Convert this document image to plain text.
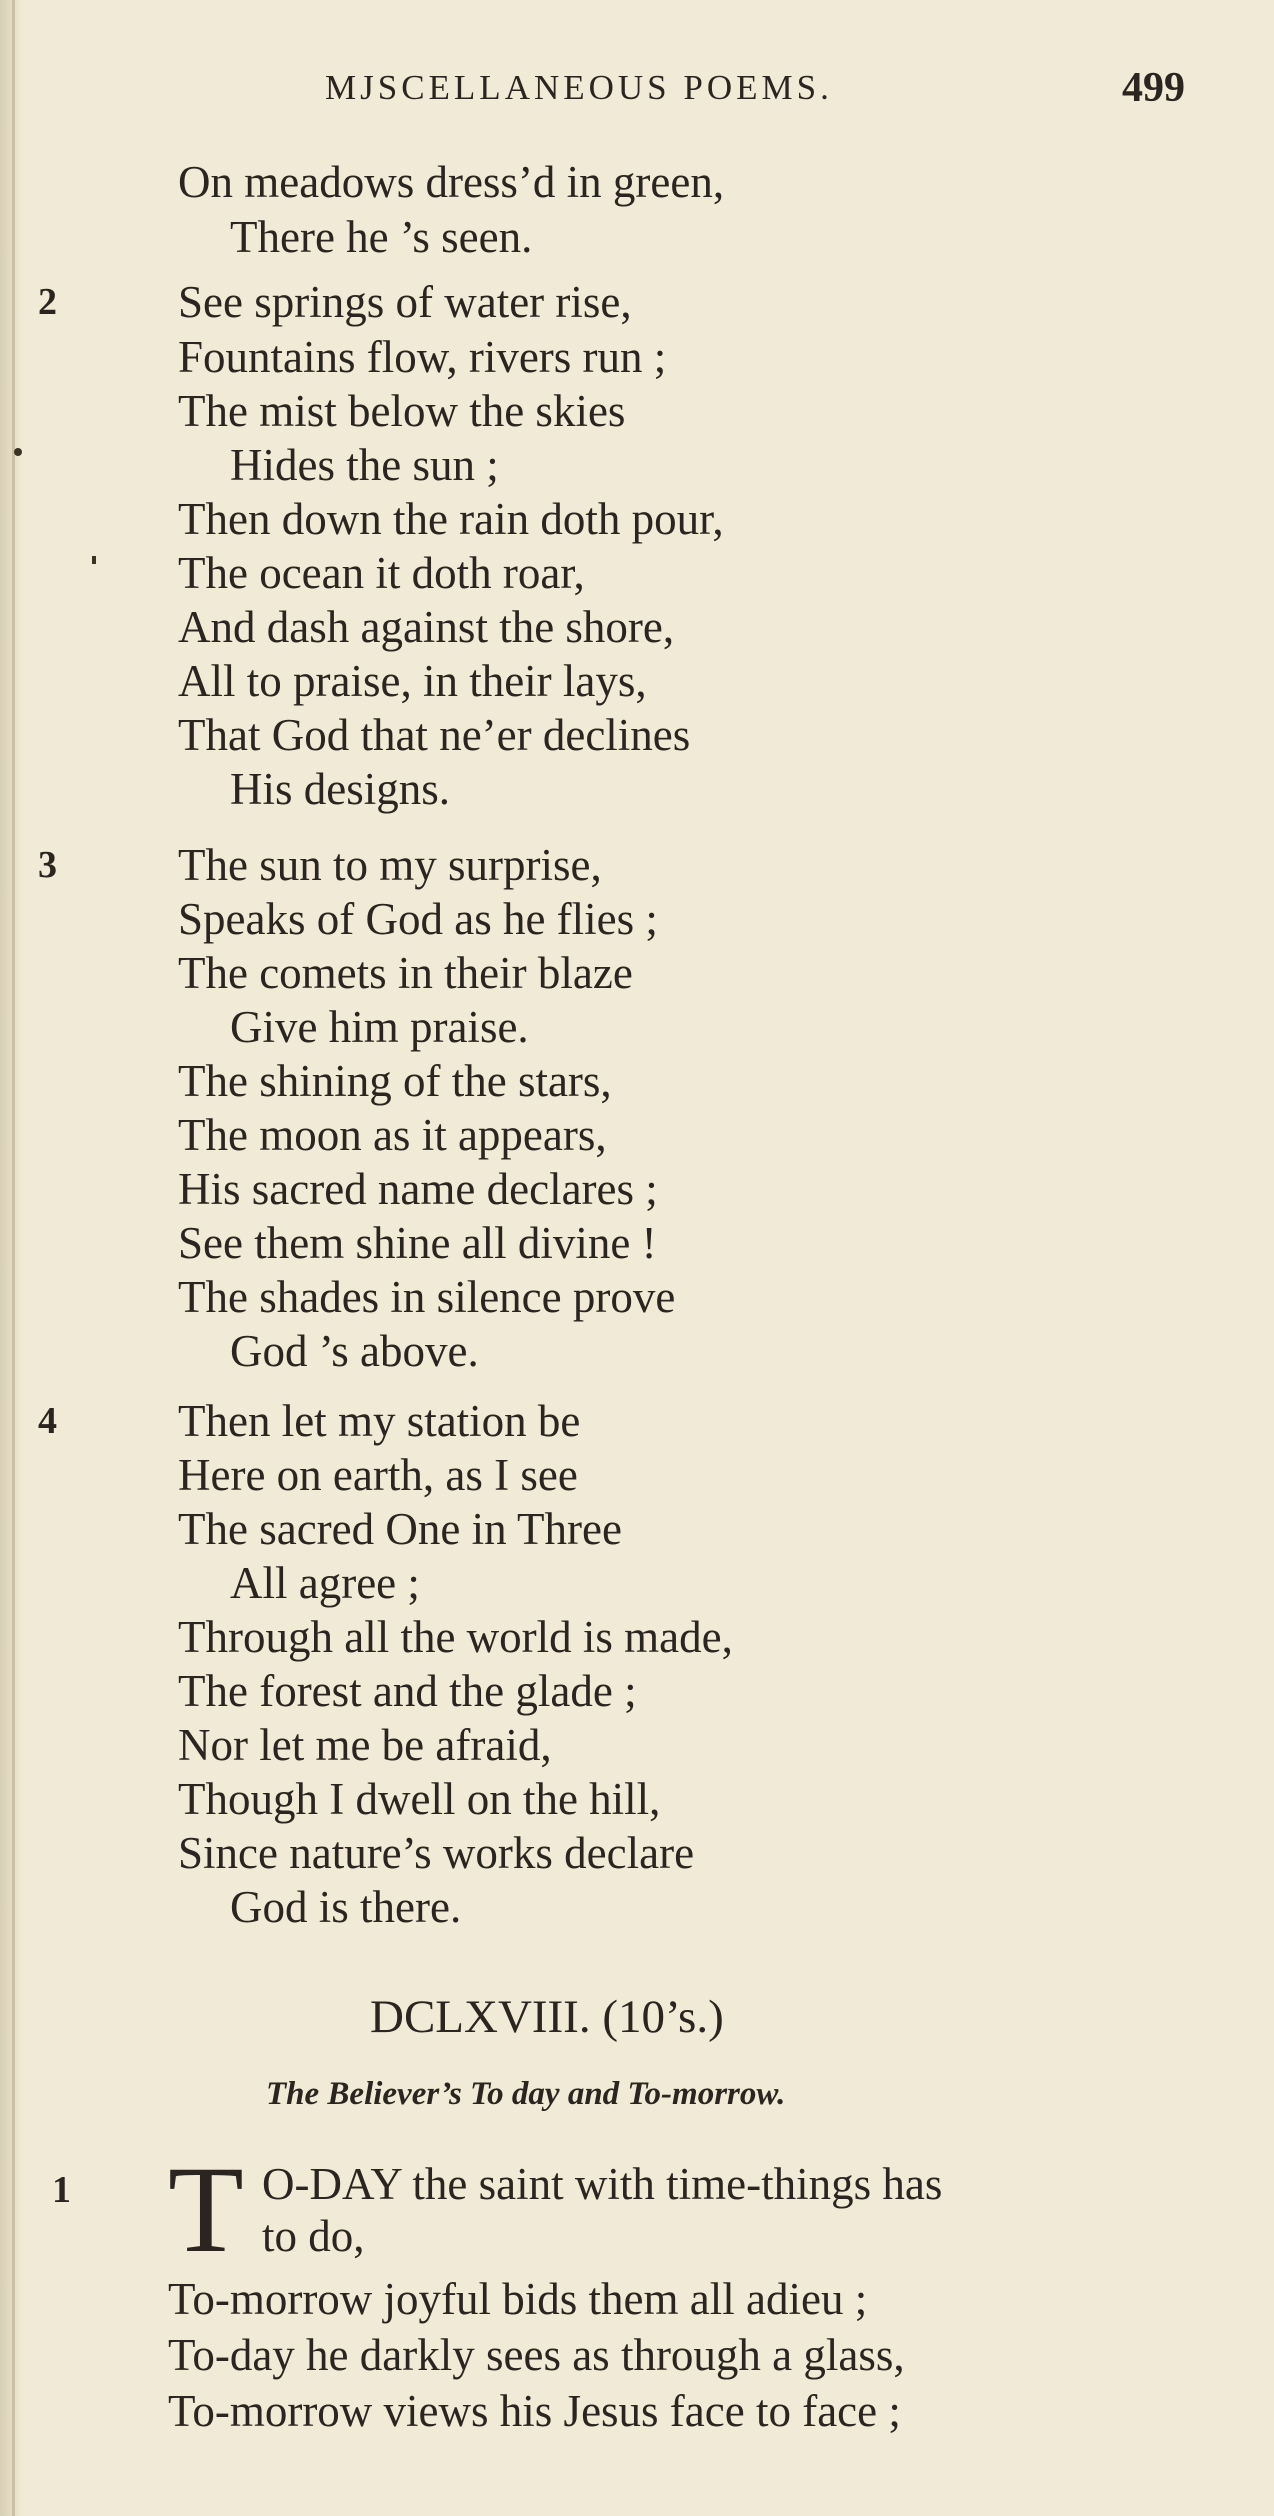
MJSCELLANEOUS POEMS.	499
On meadows dress’d in green,
There he ’s seen.
2	See springs of water rise,
Fountains flow, rivers run ;
The mist below the skies
Hides the sun ;
Then down the rain doth pour,
The ocean it doth roar,
And dash against the shore,
All to praise, in their lays,
That God that ne’er declines
His designs.
3	The sun to my surprise,
Speaks of God as he flies ;
The comets in their blaze
Give him praise.
The shining of the stars,
The moon as it appears,
His sacred name declares ;
See them shine all divine !
The shades in silence prove
God ’s above.
4	Then let my station be
Here on earth, as I see
The sacred One in Three
All agree ;
Through all the world is made,
The forest and the glade ;
Nor let me be afraid,
Though I dwell on the hill,
Since nature’s works declare
God is there.
DCLXVIII. (10’s.)
The Believer’s To day and To-morrow.
1 T O-DAY the saint with time-things has
to do,
To-morrow joyful bids them all adieu ;
To-day he darkly sees as through a glass,
To-morrow views his Jesus face to face ;
